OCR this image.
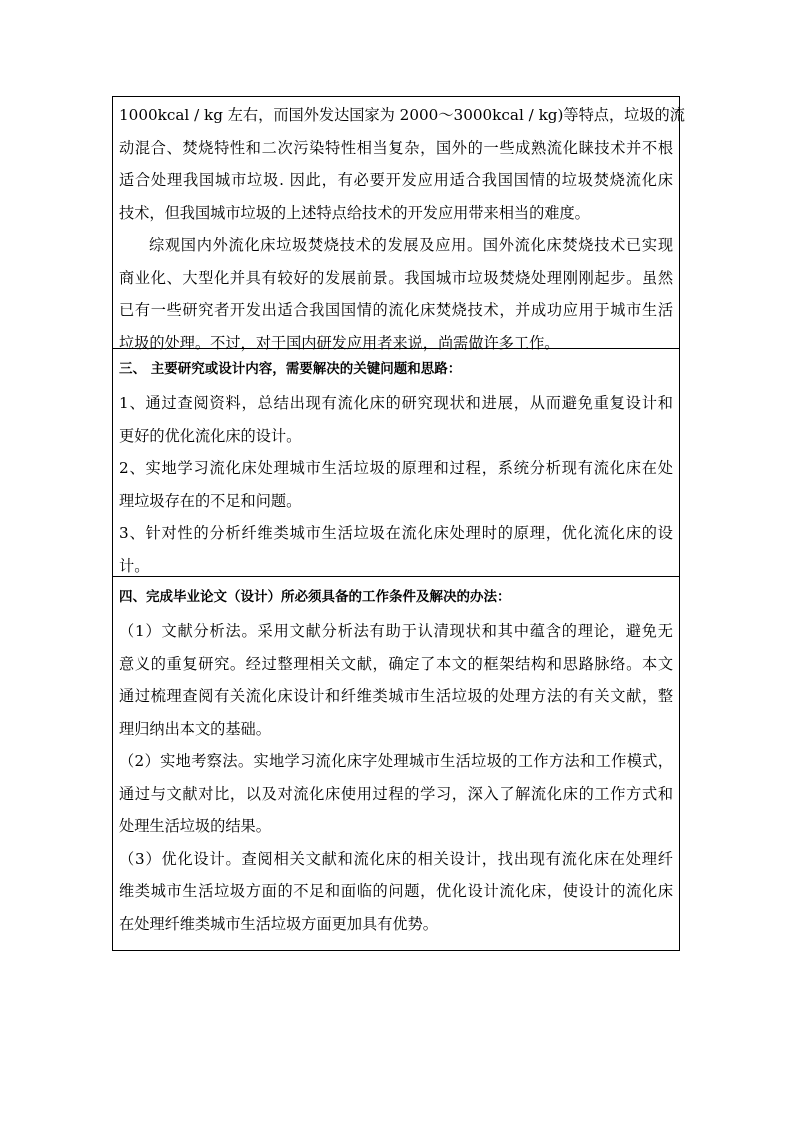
1000kcal / kg 左右，而国外发达国家为 2000～3000kcal / kg)等特点，垃圾的流

动混合、焚烧特性和二次污染特性相当复杂，国外的一些成熟流化睐技术并不根

适合处理我国城市垃圾. 因此，有必要开发应用适合我国国情的垃圾焚烧流化床

技术，但我国城市垃圾的上述特点给技术的开发应用带来相当的难度。

综观国内外流化床垃圾焚烧技术的发展及应用。国外流化床焚烧技术已实现

商业化、大型化并具有较好的发展前景。我国城市垃圾焚烧处理刚刚起步。虽然

已有一些研究者开发出适合我国国情的流化床焚烧技术，并成功应用于城市生活

垃圾的处理。不过，对于国内研发应用者来说，尚需做许多工作。

三、 主要研究或设计内容，需要解决的关键问题和思路：

1、通过查阅资料，总结出现有流化床的研究现状和进展，从而避免重复设计和

更好的优化流化床的设计。

2、实地学习流化床处理城市生活垃圾的原理和过程，系统分析现有流化床在处

理垃圾存在的不足和问题。

3、针对性的分析纤维类城市生活垃圾在流化床处理时的原理，优化流化床的设

计。

四、完成毕业论文（设计）所必须具备的工作条件及解决的办法：

（1）文献分析法。采用文献分析法有助于认清现状和其中蕴含的理论，避免无

意义的重复研究。经过整理相关文献，确定了本文的框架结构和思路脉络。本文

通过梳理查阅有关流化床设计和纤维类城市生活垃圾的处理方法的有关文献，整

理归纳出本文的基础。

（2）实地考察法。实地学习流化床字处理城市生活垃圾的工作方法和工作模式，

通过与文献对比，以及对流化床使用过程的学习，深入了解流化床的工作方式和

处理生活垃圾的结果。

（3）优化设计。查阅相关文献和流化床的相关设计，找出现有流化床在处理纤

维类城市生活垃圾方面的不足和面临的问题，优化设计流化床，使设计的流化床

在处理纤维类城市生活垃圾方面更加具有优势。
